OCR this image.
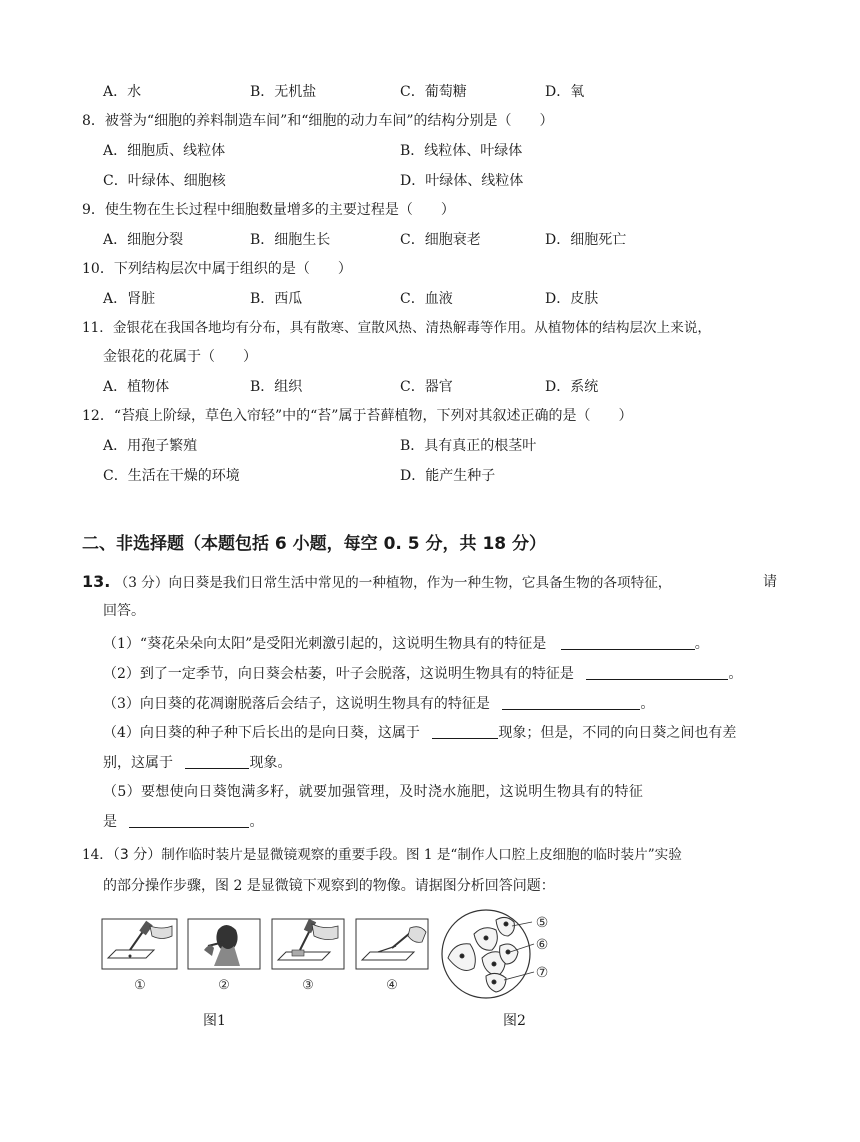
A．水	B．无机盐	C．葡萄糖	D．氧
8．被誉为“细胞的养料制造车间”和“细胞的动力车间”的结构分别是（　　）
A．细胞质、线粒体	B．线粒体、叶绿体
C．叶绿体、细胞核	D．叶绿体、线粒体
9．使生物在生长过程中细胞数量增多的主要过程是（　　）
A．细胞分裂	B．细胞生长	C．细胞衰老	D．细胞死亡
10．下列结构层次中属于组织的是（　　）
A．肾脏	B．西瓜	C．血液	D．皮肤
11．金银花在我国各地均有分布，具有散寒、宣散风热、清热解毒等作用。从植物体的结构层次上来说，
金银花的花属于（　　）
A．植物体	B．组织	C．器官	D．系统
12．“苔痕上阶绿，草色入帘轻”中的“苔”属于苔藓植物，下列对其叙述正确的是（　　）
A．用孢子繁殖	B．具有真正的根茎叶
C．生活在干燥的环境	D．能产生种子
二、非选择题（本题包括 6 小题，每空 0. 5 分，共 18 分）
13. （3 分）向日葵是我们日常生活中常见的一种植物，作为一种生物，它具备生物的各项特征，	请
回答。
（1）“葵花朵朵向太阳”是受阳光刺激引起的，这说明生物具有的特征是	。
（2）到了一定季节，向日葵会枯萎，叶子会脱落，这说明生物具有的特征是	。
（3）向日葵的花凋谢脱落后会结子，这说明生物具有的特征是	。
（4）向日葵的种子种下后长出的是向日葵，这属于	现象；但是，不同的向日葵之间也有差
别，这属于	现象。
（5）要想使向日葵饱满多籽，就要加强管理，及时浇水施肥，这说明生物具有的特征
是	。
14．（3 分）制作临时装片是显微镜观察的重要手段。图 1 是“制作人口腔上皮细胞的临时装片”实验
的部分操作步骤，图 2 是显微镜下观察到的物像。请据图分析回答问题：
①	②	③	④
⑤
⑥
⑦
图1	图2
